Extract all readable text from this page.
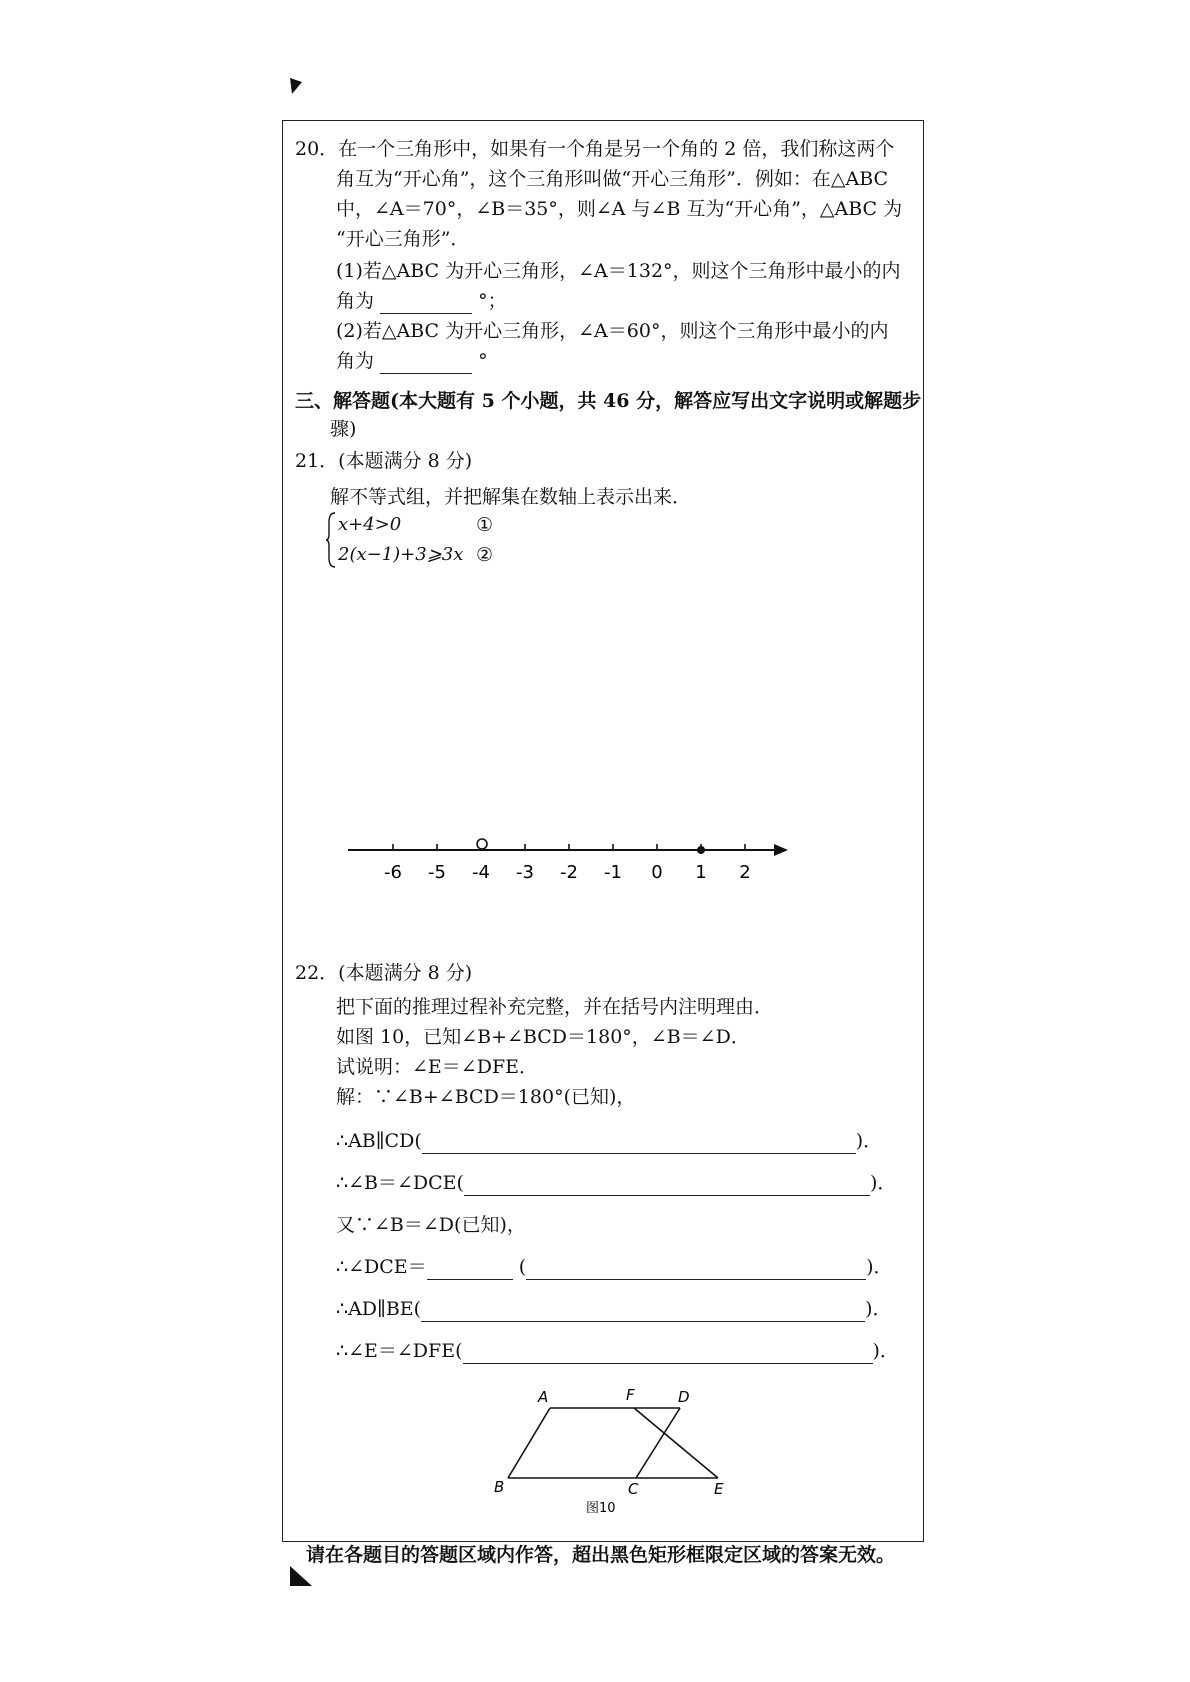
20．在一个三角形中，如果有一个角是另一个角的 2 倍，我们称这两个
角互为“开心角”，这个三角形叫做“开心三角形”．例如：在△ABC
中，∠A＝70°，∠B＝35°，则∠A 与∠B 互为“开心角”，△ABC 为
“开心三角形”．
(1)若△ABC 为开心三角形，∠A＝132°，则这个三角形中最小的内
角为	°；
(2)若△ABC 为开心三角形，∠A＝60°，则这个三角形中最小的内
角为	°
三、解答题(本大题有 5 个小题，共 46 分，解答应写出文字说明或解题步
骤)
21．(本题满分 8 分)
解不等式组，并把解集在数轴上表示出来．
x+4>0	①
2(x−1)+3⩾3x ②
-6 -5 -4 -3 -2 -1 0 1 2
22．(本题满分 8 分)
把下面的推理过程补充完整，并在括号内注明理由．
如图 10，已知∠B+∠BCD＝180°，∠B＝∠D．
试说明：∠E＝∠DFE．
解：∵∠B+∠BCD＝180°(已知)，
∴AB∥CD(	)．
∴∠B＝∠DCE(	)．
又∵∠B＝∠D(已知)，
∴∠DCE＝	(	)．
∴AD∥BE(	)．
∴∠E＝∠DFE(	)．
A	F	D
B	C	E
图10
请在各题目的答题区域内作答，超出黑色矩形框限定区域的答案无效。
